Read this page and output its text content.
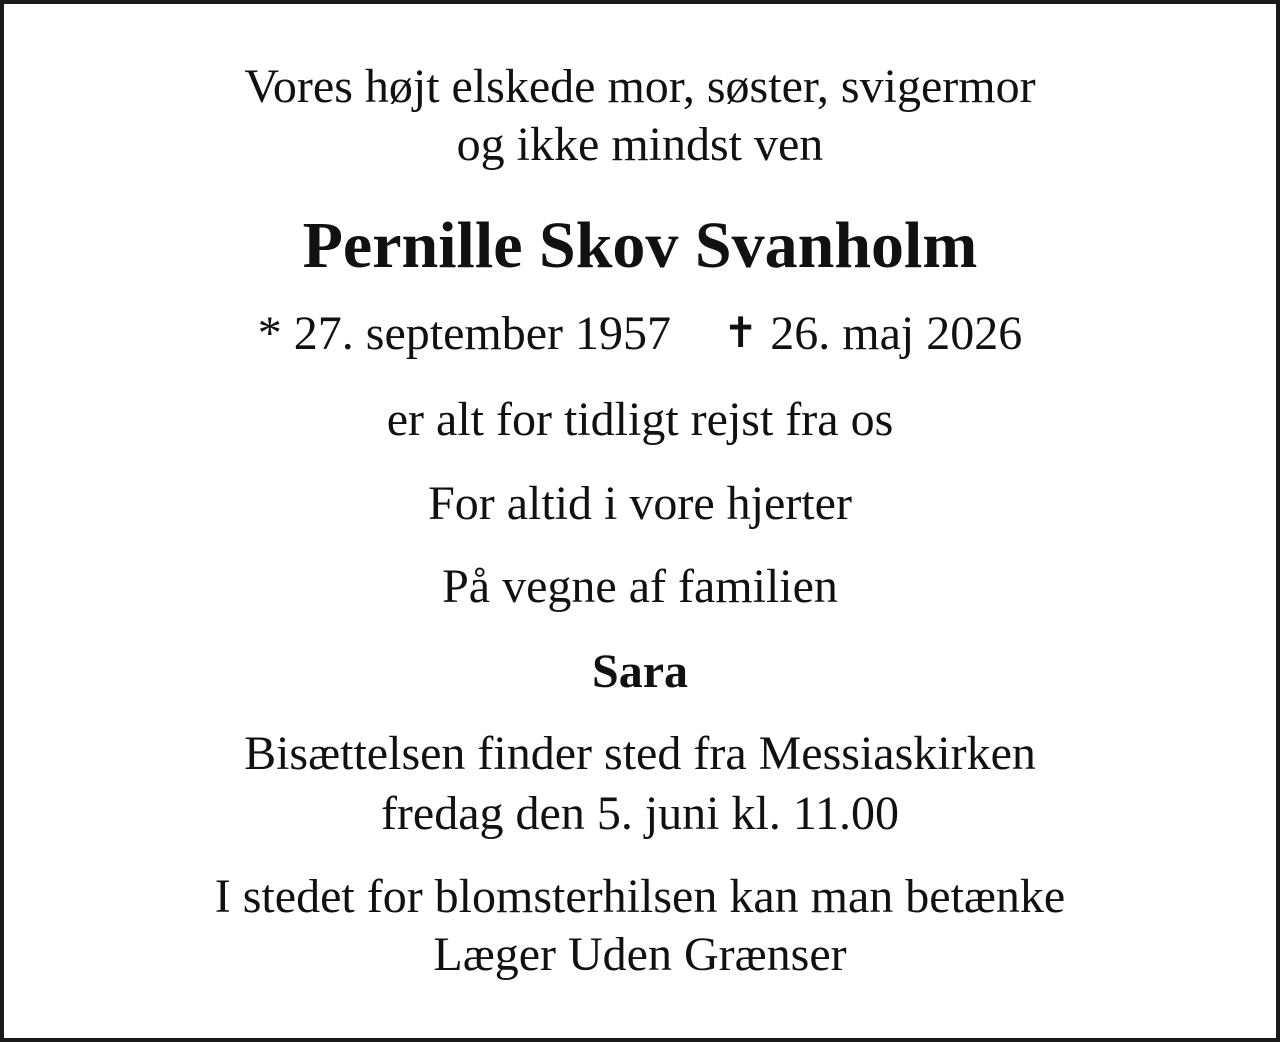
Vores højt elskede mor, søster, svigermor
og ikke mindst ven
Pernille Skov Svanholm
* 27. september 1957 ✝ 26. maj 2026
er alt for tidligt rejst fra os
For altid i vore hjerter
På vegne af familien
Sara
Bisættelsen finder sted fra Messiaskirken
fredag den 5. juni kl. 11.00
I stedet for blomsterhilsen kan man betænke
Læger Uden Grænser
